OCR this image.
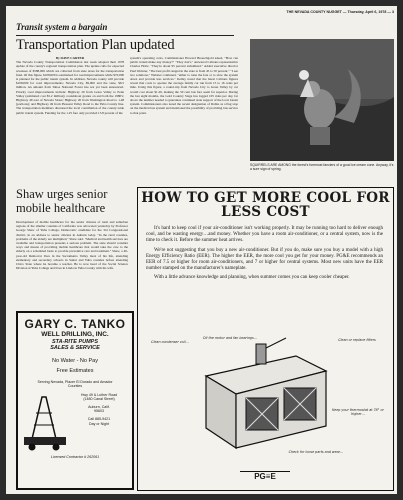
THE NEVADA COUNTY NUGGET — Thursday, April 6, 1978 — 3
Transit system a bargain
Transportation Plan updated
By DAVE CARTER
The Nevada County Transportation Commission last week adopted their 1978 update of the county's regional transportation plan. The update calls for expected revenues of $588,000 which are collected from state taxes for the transportation fund. Of this figure, $108,000 is earmarked for road improvements while $70,000 is planned for the public transit system. In addition, Nevada county will provide $108,000 for road improvements; Nevada City, $9,000 and the state, $9.5 million. An amount from Tahoe National Forest has not yet been announced. Priority road improvements include: Highway 20 from Grass Valley to Penn Valley (estimated cost $5.2 million); roundabout grades on and both the 1980's; Highway 49 east of Nevada Street; Highway 20 from Washington Road to 1.48 (portions); and Highway 49 from Pleasant Valley Road to the Yuba County line. The transportation members discussed the local contribution of the county-wide public transit system. Funding for the 1.25 fare only provided 15.8 percent of the
system's operating costs, Commissioner Howard Breeschgold asked, "How can public transit make any money?" "They don't," answered Caltrans representative Charles Holtz. "They're about 95 percent subsidized." Added executive director Paul Webster, "The best profit ranged in the state is from 45 to 50 percent." "I see two solutions," Webster continued, "either to raise the fare or to slow the system down and provide less services." Kelley noted that the latest Caltrans figures reveal that costs to operate the average family car run from 15 to 16 cents per mile. Using this figure, a round-trip from Nevada City to Grass Valley by car would cost about $1.26, making the 50 cent bus fare seem far superior. During the last eight months, the Gold Country Stage has logged 105 rides per day, far above the number needed to guarantee continued state support of the local transit system. Commissioners also noted the recent designation of Dallas as a flag stop on the medical bus system and mentioned the possibility of providing bus service to that point.
SQUIRRELS ARE AMONG the forest's foremost fanciers of a good ice cream cone. Anyway, it's a sure sign of spring.
Shaw urges senior mobile healthcare
Development of mobile healthcare for the senior citizens of rural and suburban regions of the smaller counties of California was advocated yesterday by Professor George Shaw of Yuba College, Democratic candidate for the 3rd Congressional district, in an address to senior citizens in Auburn today. "In the rural counties, problems of the elderly are multiplied," Shaw said. "Medical and health services are available and transportation presents a serious problem. The state should consider ways and means of providing mobile healthcare that would take the care to the elderly on a scheduled basis to provide preventive care and treatment." Shaw, a 40-year-old Democrat lives in the Sacramento Valley most of his life, attending elementary and secondary schools in Sutter and Yuba counties before attending Chico State where he became a teacher. He is now head of the Social Science Division at Yuba College and lives in Linda in Yuba County with his wife.
GARY C. TANKO
WELL DRILLING, INC.
STA-RITE PUMPS
SALES & SERVICE
No Water - No Pay
Free Estimates
Serving Nevada, Placer El Dorado and Amador Counties
Hwy 49 & Luther Road
(1480 Canal Street)
Auburn, Calif.
95603
Call 885-9421
Day or Night
Licensed Contractor # 262061
HOW TO GET MORE COOL FOR LESS COST

It's hard to keep cool if your air-conditioner isn't working properly. It may be running too hard to deliver enough cool, and be wasting energy…and money. Whether you have a room air-conditioner, or a central system, now is the time to check it. Before the summer heat arrives.

We're not suggesting that you buy a new air-conditioner. But if you do, make sure you buy a model with a high Energy Efficiency Ratio (EER). The higher the EER, the more cool you get for your money. PG&E recommends an EER of 7.5 or higher for room air-conditioners, and 7 or higher for central systems. Most new units have the EER number stamped on the manufacturer's nameplate.

With a little advance knowledge and planning, when summer comes you can keep cooler cheaper.

Clean condenser coil…
Oil the motor and fan bearings…	Clean or replace filters
Keep your thermostat at 78° or higher…
Check for loose parts and wear…
PG≡E
